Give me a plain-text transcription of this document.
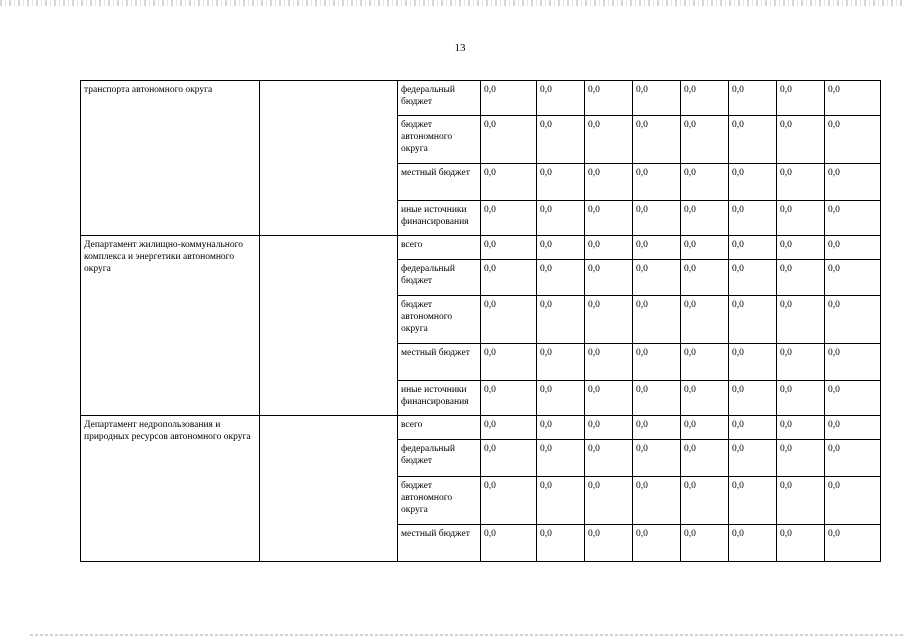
13
транспорта автономного округа		федеральный бюджет	0,0	0,0	0,0	0,0	0,0	0,0	0,0	0,0
		бюджет автономного округа	0,0	0,0	0,0	0,0	0,0	0,0	0,0	0,0
		местный бюджет	0,0	0,0	0,0	0,0	0,0	0,0	0,0	0,0
		иные источники финансирования	0,0	0,0	0,0	0,0	0,0	0,0	0,0	0,0
Департамент жилищно-коммунального комплекса и энергетики автономного округа		всего	0,0	0,0	0,0	0,0	0,0	0,0	0,0	0,0
		федеральный бюджет	0,0	0,0	0,0	0,0	0,0	0,0	0,0	0,0
		бюджет автономного округа	0,0	0,0	0,0	0,0	0,0	0,0	0,0	0,0
		местный бюджет	0,0	0,0	0,0	0,0	0,0	0,0	0,0	0,0
		иные источники финансирования	0,0	0,0	0,0	0,0	0,0	0,0	0,0	0,0
Департамент недропользования и природных ресурсов автономного округа		всего	0,0	0,0	0,0	0,0	0,0	0,0	0,0	0,0
		федеральный бюджет	0,0	0,0	0,0	0,0	0,0	0,0	0,0	0,0
		бюджет автономного округа	0,0	0,0	0,0	0,0	0,0	0,0	0,0	0,0
		местный бюджет	0,0	0,0	0,0	0,0	0,0	0,0	0,0	0,0
